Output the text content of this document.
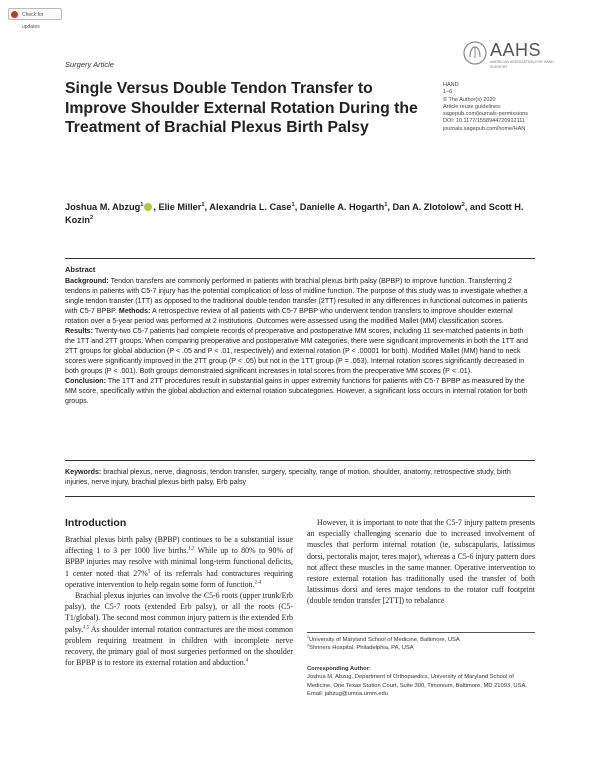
Check for updates
AAHS
AMERICAN ASSOCIATION FOR HAND SURGERY
Surgery Article
Single Versus Double Tendon Transfer to Improve Shoulder External Rotation During the Treatment of Brachial Plexus Birth Palsy
HAND
1–6
© The Author(s) 2020
Article reuse guidelines:
sagepub.com/journals-permissions
DOI: 10.1177/1558944720912111
journals.sagepub.com/home/HAN
Joshua M. Abzug$^1$ , Elie Miller$^1$, Alexandria L. Case$^1$, Danielle A. Hogarth$^1$, Dan A. Zlotolow$^2$, and Scott H. Kozin$^2$
Abstract
Background: Tendon transfers are commonly performed in patients with brachial plexus birth palsy (BPBP) to improve function. Transferring 2 tendons in patients with C5-7 injury has the potential complication of loss of midline function. The purpose of this study was to investigate whether a single tendon transfer (1TT) as opposed to the traditional double tendon transfer (2TT) resulted in any differences in functional outcomes in patients with C5-7 BPBP. Methods: A retrospective review of all patients with C5-7 BPBP who underwent tendon transfers to improve shoulder external rotation over a 5-year period was performed at 2 institutions. Outcomes were assessed using the modified Mallet (MM) classification scores.
Results: Twenty-two C5-7 patients had complete records of preoperative and postoperative MM scores, including 11 sex-matched patients in both the 1TT and 2TT groups. When comparing preoperative and postoperative MM categories, there were significant improvements in both the 1TT and 2TT groups for global abduction (P < .05 and P < .01, respectively) and external rotation (P < .00001 for both). Modified Mallet (MM) hand to neck scores were significantly improved in the 2TT group (P < .05) but not in the 1TT group (P = .053). Internal rotation scores significantly decreased in both groups (P < .001). Both groups demonstrated significant increases in total scores from the preoperative MM scores (P < .01).
Conclusion: The 1TT and 2TT procedures result in substantial gains in upper extremity functions for patients with C5-7 BPBP as measured by the MM score, specifically within the global abduction and external rotation subcategories. However, a significant loss occurs in internal rotation for both groups.
Keywords: brachial plexus, nerve, diagnosis, tendon transfer, surgery, specialty, range of motion, shoulder, anatomy, retrospective study, birth injuries, nerve injury, brachial plexus birth palsy, Erb palsy
Introduction

Brachial plexus birth palsy (BPBP) continues to be a substantial issue affecting 1 to 3 per 1000 live births.$^{1,2}$ While up to 80% to 90% of BPBP injuries may resolve with minimal long-term functional deficits, 1 center noted that 27%$^3$ of its referrals had contractures requiring operative intervention to help regain some form of function.$^{2-4}$

Brachial plexus injuries can involve the C5-6 roots (upper trunk/Erb palsy), the C5-7 roots (extended Erb palsy), or all the roots (C5-T1/global). The second most common injury pattern is the extended Erb palsy.$^{4,5}$ As shoulder internal rotation contractures are the most common problem requiring treatment in children with incomplete nerve recovery, the primary goal of most surgeries performed on the shoulder for BPBP is to restore its external rotation and abduction.$^4$

However, it is important to note that the C5-7 injury pattern presents an especially challenging scenario due to increased involvement of muscles that perform internal rotation (ie, subscapularis, latissimus dorsi, pectoralis major, teres major), whereas a C5-6 injury pattern does not affect these muscles in the same manner. Operative intervention to restore external rotation has traditionally used the transfer of both latissimus dorsi and teres major tendons to the rotator cuff footprint (double tendon transfer [2TT]) to rebalance

$^1$University of Maryland School of Medicine, Baltimore, USA
$^2$Shriners Hospital, Philadelphia, PA, USA
Corresponding Author:
Joshua M. Abzug, Department of Orthopaedics, University of Maryland School of Medicine, One Texas Station Court, Suite 300, Timonium, Baltimore, MD 21093, USA.
Email: jabzug@umoa.umm.edu
